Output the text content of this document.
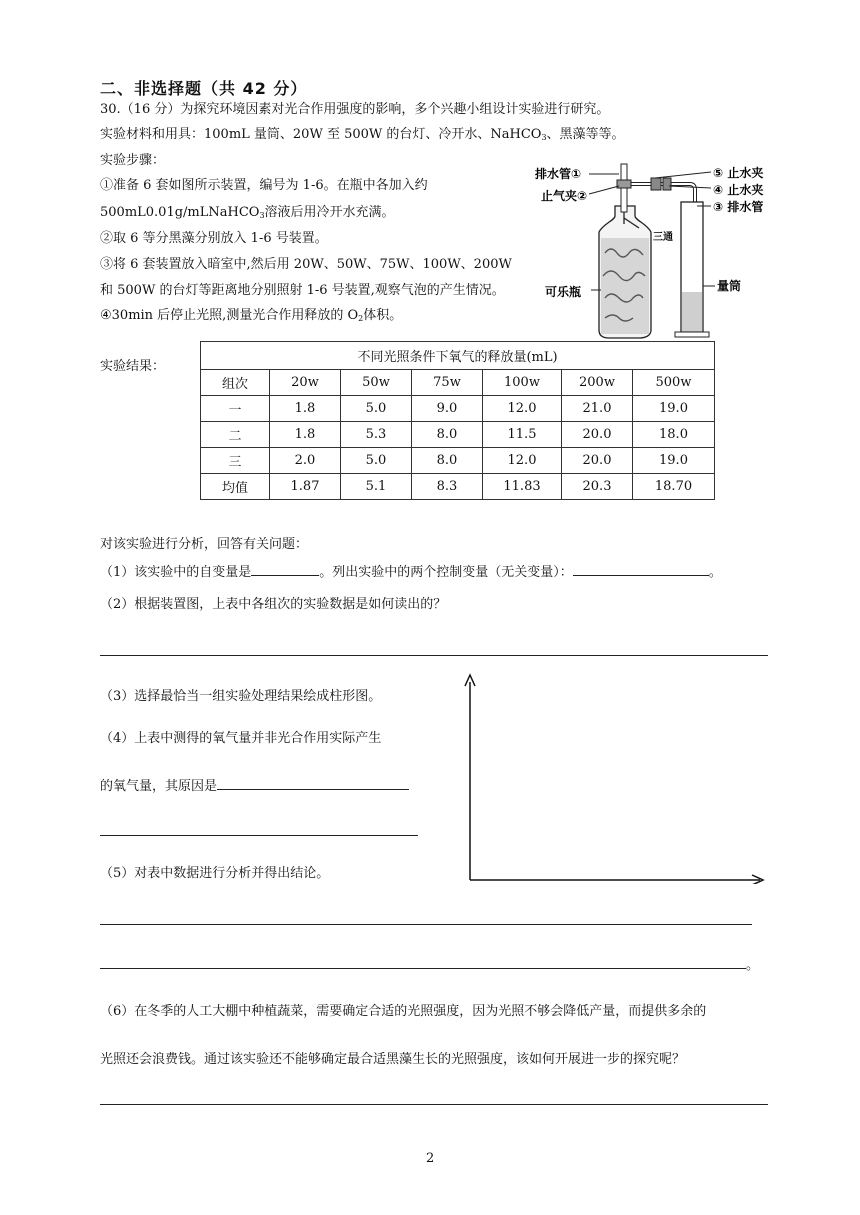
二、非选择题（共 42 分）
30.（16 分）为探究环境因素对光合作用强度的影响，多个兴趣小组设计实验进行研究。
实验材料和用具：100mL 量筒、20W 至 500W 的台灯、冷开水、NaHCO$_3$、黑藻等等。
实验步骤：
①准备 6 套如图所示装置，编号为 1-6。在瓶中各加入约
500mL0.01g/mLNaHCO$_3$溶液后用冷开水充满。
②取 6 等分黑藻分别放入 1-6 号装置。
③将 6 套装置放入暗室中,然后用 20W、50W、75W、100W、200W
和 500W 的台灯等距离地分别照射 1-6 号装置,观察气泡的产生情况。
④30min 后停止光照,测量光合作用释放的 $O_2$体积。
排水管①
止气夹②
⑤ 止水夹
④ 止水夹
③ 排水管
三通
可乐瓶	量筒
实验结果：
不同光照条件下氧气的释放量(mL)						
组次	20w	50w	75w	100w	200w	500w
一	1.8	5.0	9.0	12.0	21.0	19.0
二	1.8	5.3	8.0	11.5	20.0	18.0
三	2.0	5.0	8.0	12.0	20.0	19.0
均值	1.87	5.1	8.3	11.83	20.3	18.70
对该实验进行分析，回答有关问题：
（1）该实验中的自变量是	。列出实验中的两个控制变量（无关变量）：	。
（2）根据装置图，上表中各组次的实验数据是如何读出的？
（3）选择最恰当一组实验处理结果绘成柱形图。
（4）上表中测得的氧气量并非光合作用实际产生
的氧气量，其原因是
（5）对表中数据进行分析并得出结论。
。
（6）在冬季的人工大棚中种植蔬菜，需要确定合适的光照强度，因为光照不够会降低产量，而提供多余的
光照还会浪费钱。通过该实验还不能够确定最合适黑藻生长的光照强度，该如何开展进一步的探究呢？
2
